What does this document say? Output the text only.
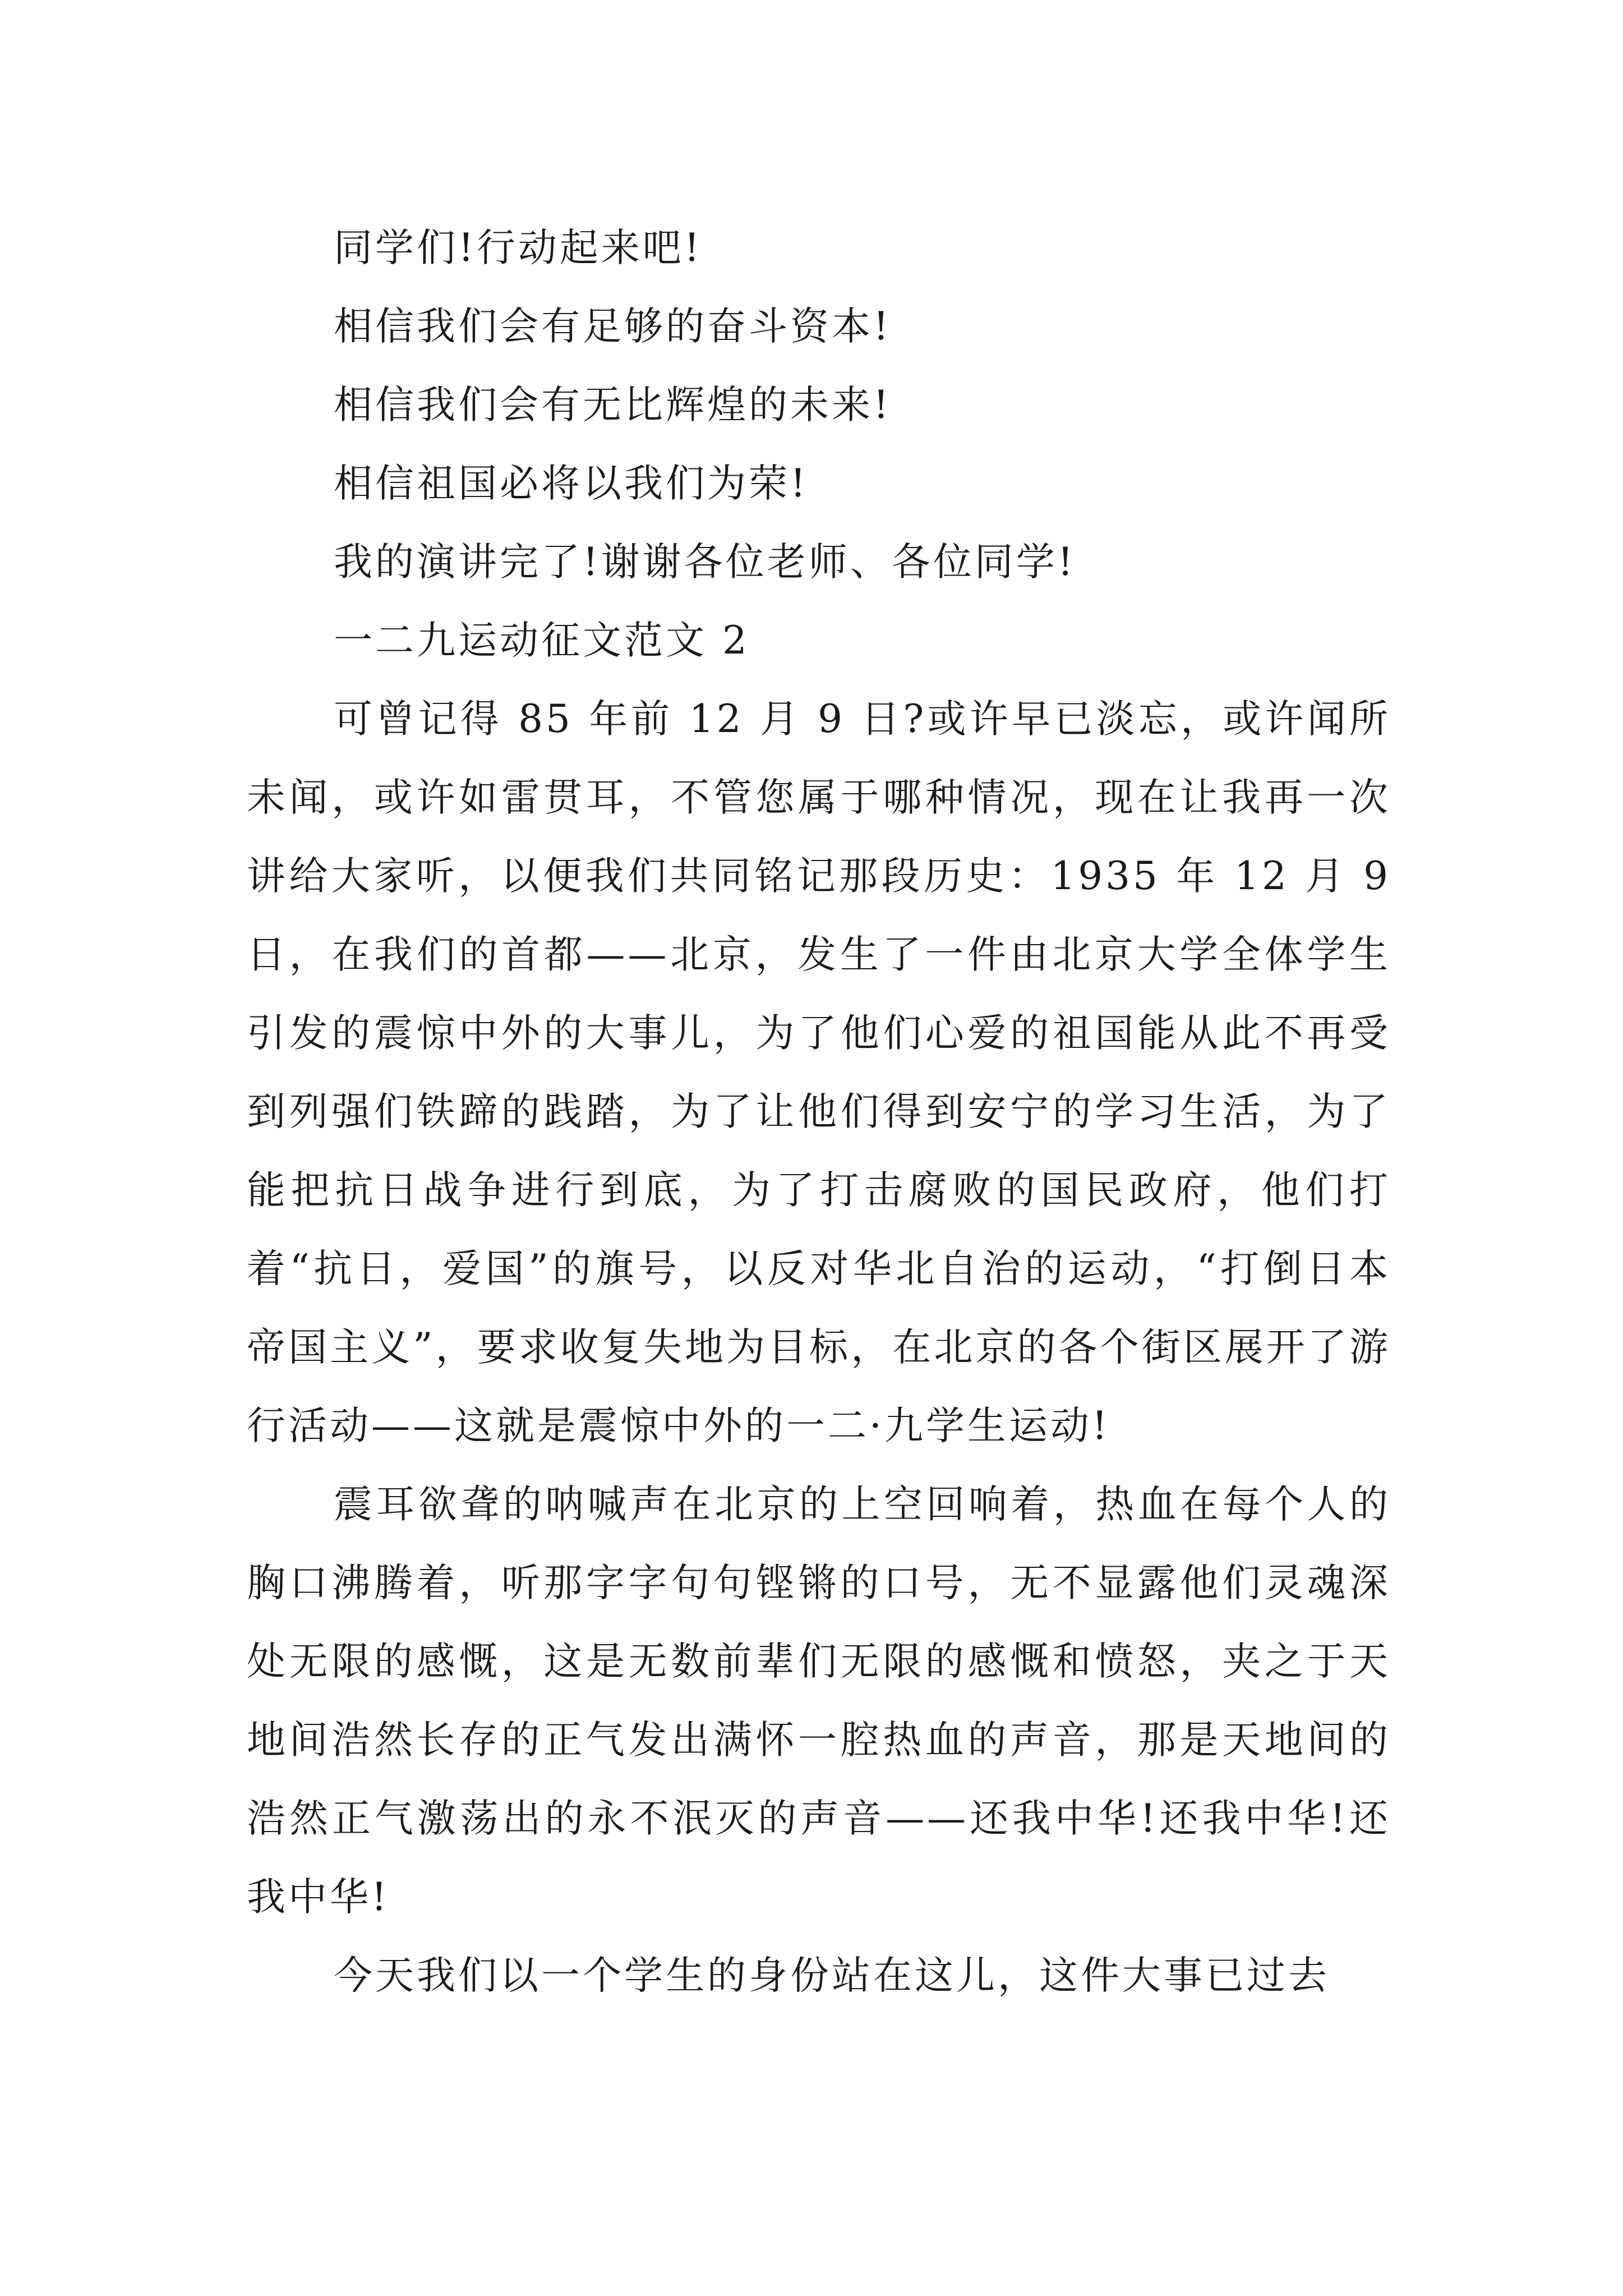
同学们!行动起来吧!

相信我们会有足够的奋斗资本!

相信我们会有无比辉煌的未来!

相信祖国必将以我们为荣!

我的演讲完了!谢谢各位老师、各位同学!

一二九运动征文范文 2

可曾记得 85 年前 12 月 9 日?或许早已淡忘，或许闻所未闻，或许如雷贯耳，不管您属于哪种情况，现在让我再一次讲给大家听，以便我们共同铭记那段历史：1935 年 12 月 9 日，在我们的首都——北京，发生了一件由北京大学全体学生引发的震惊中外的大事儿，为了他们心爱的祖国能从此不再受到列强们铁蹄的践踏，为了让他们得到安宁的学习生活，为了能把抗日战争进行到底，为了打击腐败的国民政府，他们打着“抗日，爱国”的旗号，以反对华北自治的运动，“打倒日本帝国主义”，要求收复失地为目标，在北京的各个街区展开了游行活动——这就是震惊中外的一二·九学生运动!

震耳欲聋的呐喊声在北京的上空回响着，热血在每个人的胸口沸腾着，听那字字句句铿锵的口号，无不显露他们灵魂深处无限的感慨，这是无数前辈们无限的感慨和愤怒，夹之于天地间浩然长存的正气发出满怀一腔热血的声音，那是天地间的浩然正气激荡出的永不泯灭的声音——还我中华!还我中华!还我中华!

今天我们以一个学生的身份站在这儿，这件大事已过去
